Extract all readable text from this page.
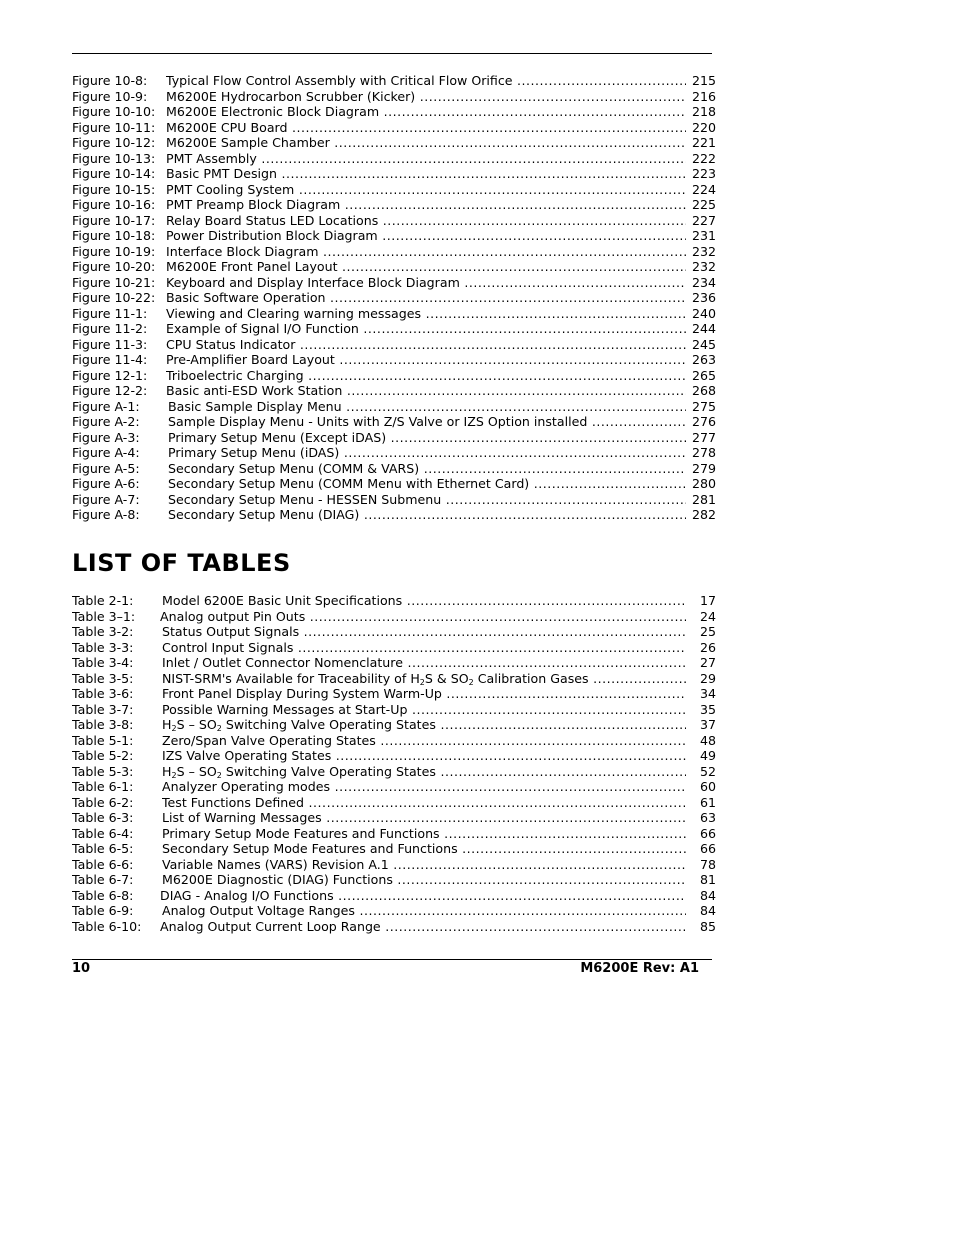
Figure 10-8: Typical Flow Control Assembly with Critical Flow Orifice .....	215
Figure 10-9: M6200E Hydrocarbon Scrubber (Kicker) .....	216
Figure 10-10: M6200E Electronic Block Diagram .....	218
Figure 10-11: M6200E CPU Board .....	220
Figure 10-12: M6200E Sample Chamber .....	221
Figure 10-13: PMT Assembly .....	222
Figure 10-14: Basic PMT Design .....	223
Figure 10-15: PMT Cooling System .....	224
Figure 10-16: PMT Preamp Block Diagram .....	225
Figure 10-17: Relay Board Status LED Locations .....	227
Figure 10-18: Power Distribution Block Diagram .....	231
Figure 10-19: Interface Block Diagram .....	232
Figure 10-20: M6200E Front Panel Layout .....	232
Figure 10-21: Keyboard and Display Interface Block Diagram .....	234
Figure 10-22: Basic Software Operation .....	236
Figure 11-1: Viewing and Clearing warning messages .....	240
Figure 11-2: Example of Signal I/O Function .....	244
Figure 11-3: CPU Status Indicator .....	245
Figure 11-4: Pre-Amplifier Board Layout .....	263
Figure 12-1: Triboelectric Charging .....	265
Figure 12-2: Basic anti-ESD Work Station .....	268
Figure A-1: Basic Sample Display Menu .....	275
Figure A-2: Sample Display Menu - Units with Z/S Valve or IZS Option installed .....	276
Figure A-3: Primary Setup Menu (Except iDAS) .....	277
Figure A-4: Primary Setup Menu (iDAS) .....	278
Figure A-5: Secondary Setup Menu (COMM & VARS) .....	279
Figure A-6: Secondary Setup Menu (COMM Menu with Ethernet Card) .....	280
Figure A-7: Secondary Setup Menu - HESSEN Submenu .....	281
Figure A-8: Secondary Setup Menu (DIAG) .....	282
LIST OF TABLES
Table 2-1: Model 6200E Basic Unit Specifications .....	17
Table 3–1: Analog output Pin Outs .....	24
Table 3-2: Status Output Signals .....	25
Table 3-3: Control Input Signals .....	26
Table 3-4: Inlet / Outlet Connector Nomenclature .....	27
Table 3-5: NIST-SRM's Available for Traceability of $H_2S$ & $SO_2$ Calibration Gases .....	29
Table 3-6: Front Panel Display During System Warm-Up .....	34
Table 3-7: Possible Warning Messages at Start-Up .....	35
Table 3-8: $H_2S - SO_2$ Switching Valve Operating States .....	37
Table 5-1: Zero/Span Valve Operating States .....	48
Table 5-2: IZS Valve Operating States .....	49
Table 5-3: $H_2S - SO_2$ Switching Valve Operating States .....	52
Table 6-1: Analyzer Operating modes .....	60
Table 6-2: Test Functions Defined .....	61
Table 6-3: List of Warning Messages .....	63
Table 6-4: Primary Setup Mode Features and Functions .....	66
Table 6-5: Secondary Setup Mode Features and Functions .....	66
Table 6-6: Variable Names (VARS) Revision A.1 .....	78
Table 6-7: M6200E Diagnostic (DIAG) Functions .....	81
Table 6-8: DIAG - Analog I/O Functions .....	84
Table 6-9: Analog Output Voltage Ranges .....	84
Table 6-10: Analog Output Current Loop Range .....	85
10	M6200E Rev: A1
